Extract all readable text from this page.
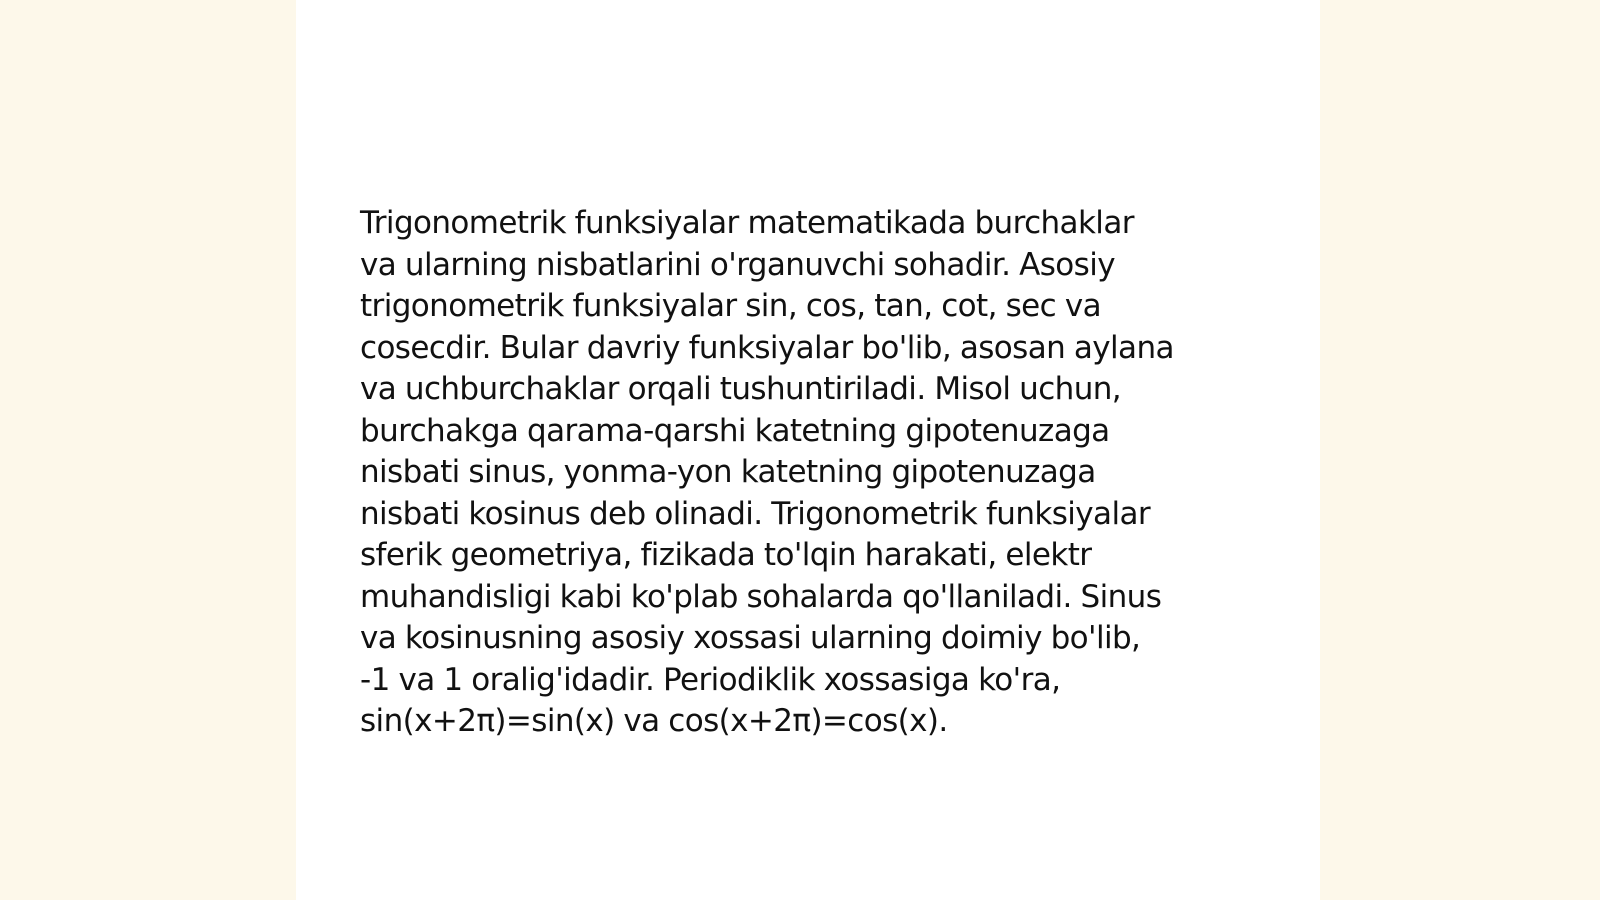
Trigonometrik funksiyalar matematikada burchaklar
va ularning nisbatlarini o'rganuvchi sohadir. Asosiy
trigonometrik funksiyalar sin, cos, tan, cot, sec va
cosecdir. Bular davriy funksiyalar bo'lib, asosan aylana
va uchburchaklar orqali tushuntiriladi. Misol uchun,
burchakga qarama-qarshi katetning gipotenuzaga
nisbati sinus, yonma-yon katetning gipotenuzaga
nisbati kosinus deb olinadi. Trigonometrik funksiyalar
sferik geometriya, fizikada to'lqin harakati, elektr
muhandisligi kabi ko'plab sohalarda qo'llaniladi. Sinus
va kosinusning asosiy xossasi ularning doimiy bo'lib,
-1 va 1 oralig'idadir. Periodiklik xossasiga ko'ra,
sin(x+2π)=sin(x) va cos(x+2π)=cos(x).
